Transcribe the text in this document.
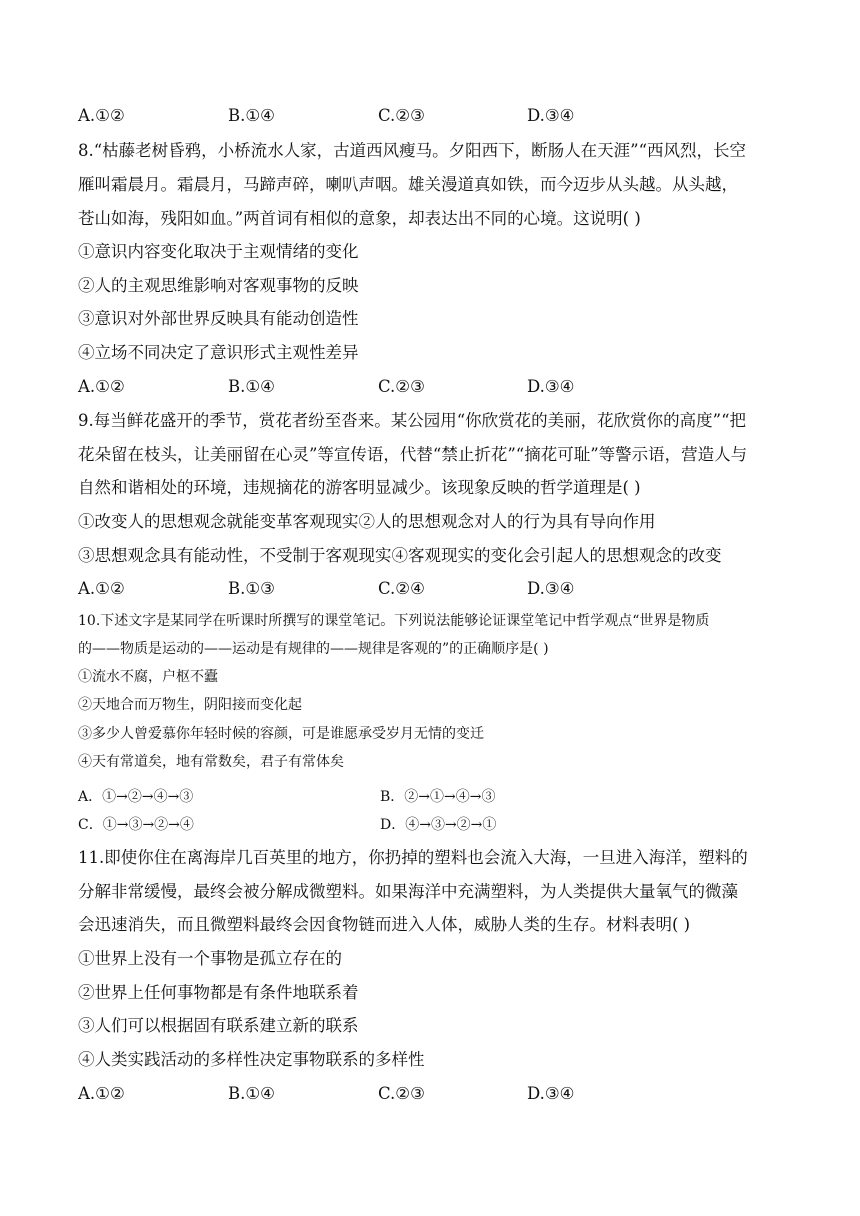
A.①②	B.①④	C.②③	D.③④
8.“枯藤老树昏鸦，小桥流水人家，古道西风瘦马。夕阳西下，断肠人在天涯”“西风烈，长空
雁叫霜晨月。霜晨月，马蹄声碎，喇叭声咽。雄关漫道真如铁，而今迈步从头越。从头越，
苍山如海，残阳如血。”两首词有相似的意象，却表达出不同的心境。这说明( )
①意识内容变化取决于主观情绪的变化
②人的主观思维影响对客观事物的反映
③意识对外部世界反映具有能动创造性
④立场不同决定了意识形式主观性差异
A.①②	B.①④	C.②③	D.③④
9.每当鲜花盛开的季节，赏花者纷至沓来。某公园用“你欣赏花的美丽，花欣赏你的高度”“把
花朵留在枝头，让美丽留在心灵”等宣传语，代替“禁止折花”“摘花可耻”等警示语，营造人与
自然和谐相处的环境，违规摘花的游客明显减少。该现象反映的哲学道理是( )
①改变人的思想观念就能变革客观现实②人的思想观念对人的行为具有导向作用
③思想观念具有能动性，不受制于客观现实④客观现实的变化会引起人的思想观念的改变
A.①②	B.①③	C.②④	D.③④
10.下述文字是某同学在听课时所撰写的课堂笔记。下列说法能够论证课堂笔记中哲学观点“世界是物质
的——物质是运动的——运动是有规律的——规律是客观的”的正确顺序是( )
①流水不腐，户枢不蠹
②天地合而万物生，阴阳接而变化起
③多少人曾爱慕你年轻时候的容颜，可是谁愿承受岁月无情的变迁
④天有常道矣，地有常数矣，君子有常体矣
A．①→②→④→③	B．②→①→④→③
C．①→③→②→④	D．④→③→②→①
11.即使你住在离海岸几百英里的地方，你扔掉的塑料也会流入大海，一旦进入海洋，塑料的
分解非常缓慢，最终会被分解成微塑料。如果海洋中充满塑料，为人类提供大量氧气的微藻
会迅速消失，而且微塑料最终会因食物链而进入人体，威胁人类的生存。材料表明( )
①世界上没有一个事物是孤立存在的
②世界上任何事物都是有条件地联系着
③人们可以根据固有联系建立新的联系
④人类实践活动的多样性决定事物联系的多样性
A.①②	B.①④	C.②③	D.③④
